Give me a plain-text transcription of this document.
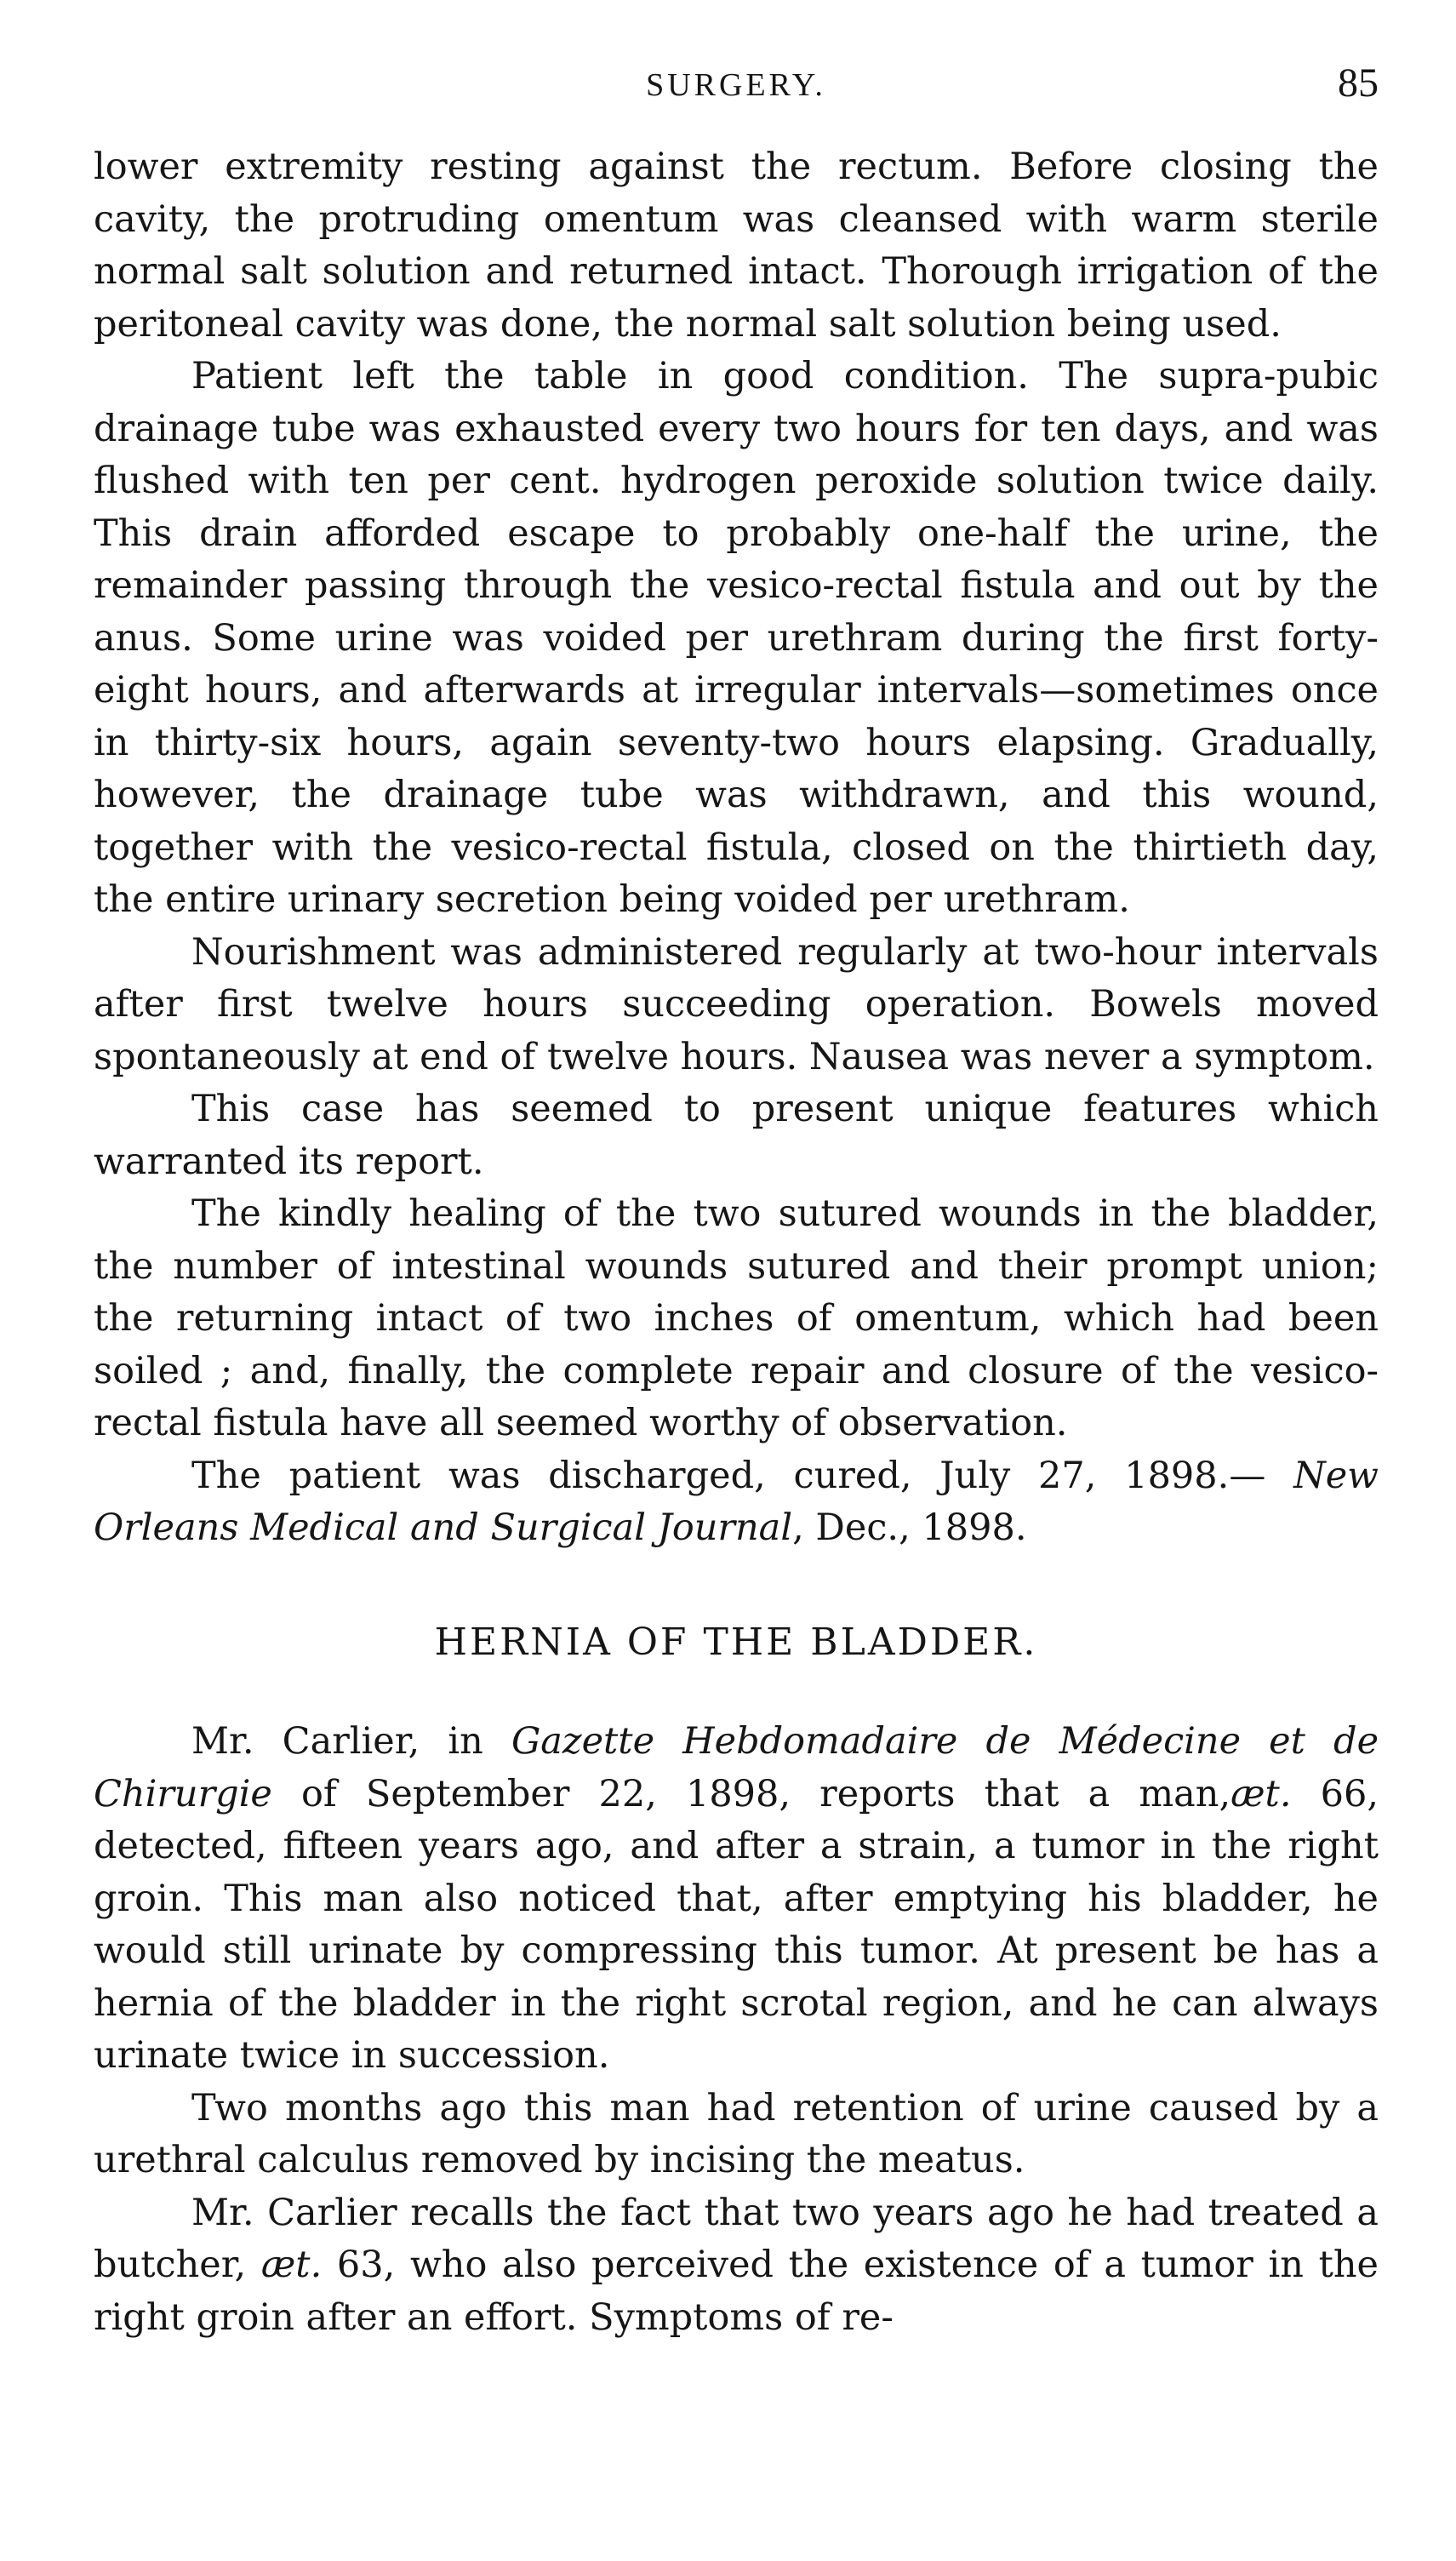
SURGERY.	85

lower extremity resting against the rectum. Before closing the cavity, the protruding omentum was cleansed with warm sterile normal salt solution and returned intact. Thorough irrigation of the peritoneal cavity was done, the normal salt solution being used.

Patient left the table in good condition. The supra-pubic drainage tube was exhausted every two hours for ten days, and was flushed with ten per cent. hydrogen peroxide solution twice daily. This drain afforded escape to probably one-half the urine, the remainder passing through the vesico-rectal fistula and out by the anus. Some urine was voided per urethram during the first forty-eight hours, and afterwards at irregular intervals—sometimes once in thirty-six hours, again seventy-two hours elapsing. Gradually, however, the drainage tube was withdrawn, and this wound, together with the vesico-rectal fistula, closed on the thirtieth day, the entire urinary secretion being voided per urethram.

Nourishment was administered regularly at two-hour intervals after first twelve hours succeeding operation. Bowels moved spontaneously at end of twelve hours. Nausea was never a symptom.

This case has seemed to present unique features which warranted its report.

The kindly healing of the two sutured wounds in the bladder, the number of intestinal wounds sutured and their prompt union; the returning intact of two inches of omentum, which had been soiled ; and, finally, the complete repair and closure of the vesico-rectal fistula have all seemed worthy of observation.

The patient was discharged, cured, July 27, 1898.— New Orleans Medical and Surgical Journal, Dec., 1898.

HERNIA OF THE BLADDER.

Mr. Carlier, in Gazette Hebdomadaire de Médecine et de Chirurgie of September 22, 1898, reports that a man,æt. 66, detected, fifteen years ago, and after a strain, a tumor in the right groin. This man also noticed that, after emptying his bladder, he would still urinate by compressing this tumor. At present be has a hernia of the bladder in the right scrotal region, and he can always urinate twice in succession.

Two months ago this man had retention of urine caused by a urethral calculus removed by incising the meatus.

Mr. Carlier recalls the fact that two years ago he had treated a butcher, æt. 63, who also perceived the existence of a tumor in the right groin after an effort. Symptoms of re-
